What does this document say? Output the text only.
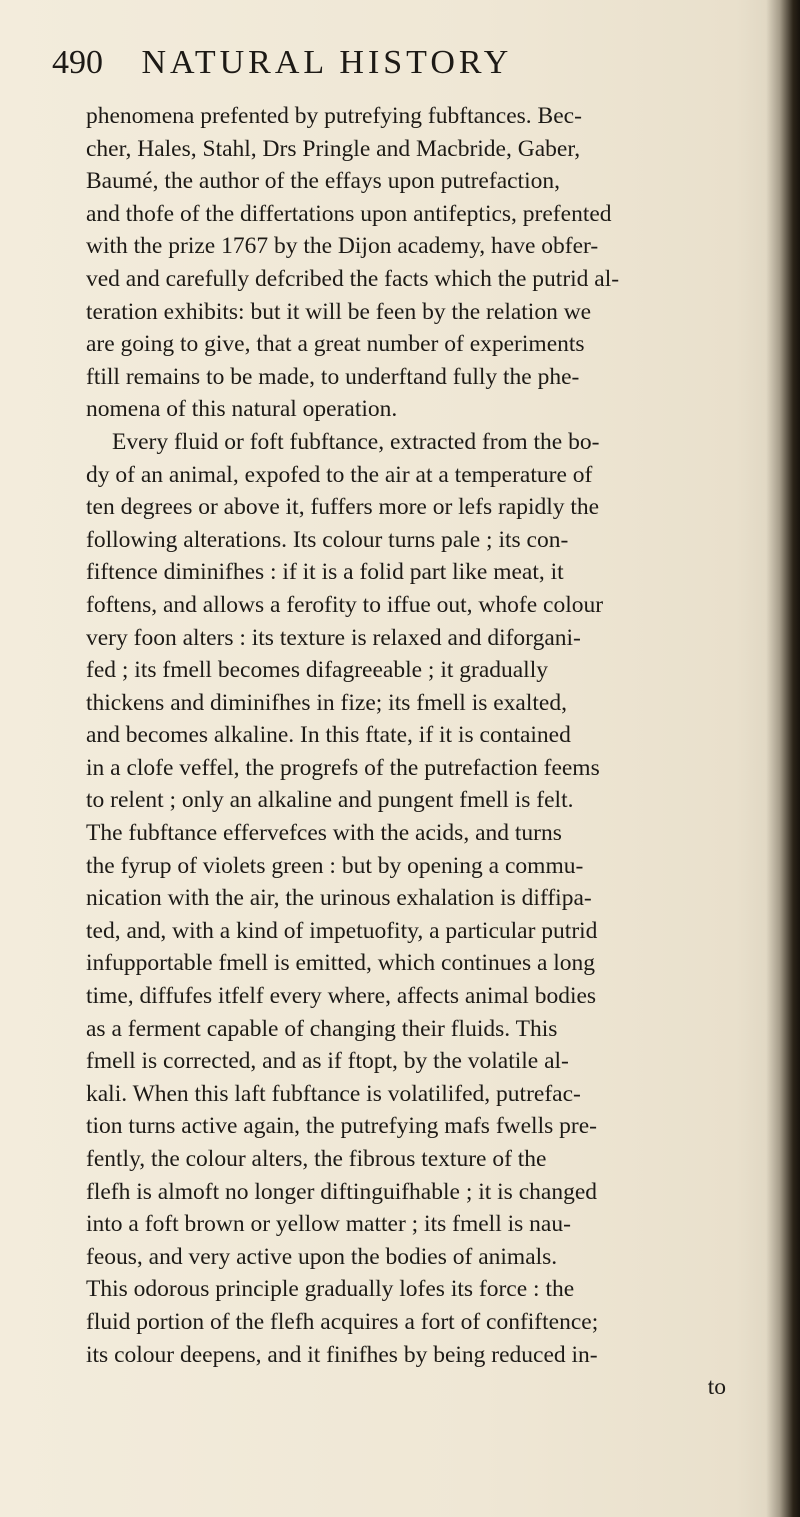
490 NATURAL HISTORY
phenomena prefented by putrefying fubftances. Bec-
cher, Hales, Stahl, Drs Pringle and Macbride, Gaber,
Baumé, the author of the effays upon putrefaction,
and thofe of the differtations upon antifeptics, prefented
with the prize 1767 by the Dijon academy, have obfer-
ved and carefully defcribed the facts which the putrid al-
teration exhibits: but it will be feen by the relation we
are going to give, that a great number of experiments
ftill remains to be made, to underftand fully the phe-
nomena of this natural operation.
Every fluid or foft fubftance, extracted from the bo-
dy of an animal, expofed to the air at a temperature of
ten degrees or above it, fuffers more or lefs rapidly the
following alterations. Its colour turns pale ; its con-
fiftence diminifhes : if it is a folid part like meat, it
foftens, and allows a ferofity to iffue out, whofe colour
very foon alters : its texture is relaxed and diforgani-
fed ; its fmell becomes difagreeable ; it gradually
thickens and diminifhes in fize; its fmell is exalted,
and becomes alkaline. In this ftate, if it is contained
in a clofe veffel, the progrefs of the putrefaction feems
to relent ; only an alkaline and pungent fmell is felt.
The fubftance effervefces with the acids, and turns
the fyrup of violets green : but by opening a commu-
nication with the air, the urinous exhalation is diffipa-
ted, and, with a kind of impetuofity, a particular putrid
infupportable fmell is emitted, which continues a long
time, diffufes itfelf every where, affects animal bodies
as a ferment capable of changing their fluids. This
fmell is corrected, and as if ftopt, by the volatile al-
kali. When this laft fubftance is volatilifed, putrefac-
tion turns active again, the putrefying mafs fwells pre-
fently, the colour alters, the fibrous texture of the
flefh is almoft no longer diftinguifhable ; it is changed
into a foft brown or yellow matter ; its fmell is nau-
feous, and very active upon the bodies of animals.
This odorous principle gradually lofes its force : the
fluid portion of the flefh acquires a fort of confiftence;
its colour deepens, and it finifhes by being reduced in-
to
